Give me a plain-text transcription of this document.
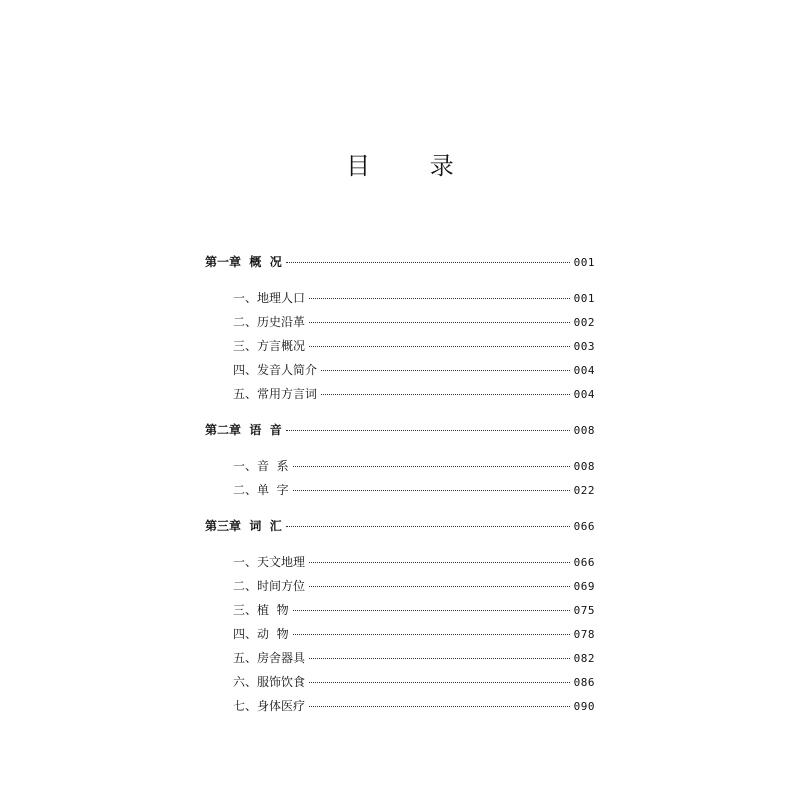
目 录
第一章  概  况	001
一、地理人口	001
二、历史沿革	002
三、方言概况	003
四、发音人简介	004
五、常用方言词	004
第二章  语  音	008
一、音  系	008
二、单  字	022
第三章  词  汇	066
一、天文地理	066
二、时间方位	069
三、植  物	075
四、动  物	078
五、房舍器具	082
六、服饰饮食	086
七、身体医疗	090
